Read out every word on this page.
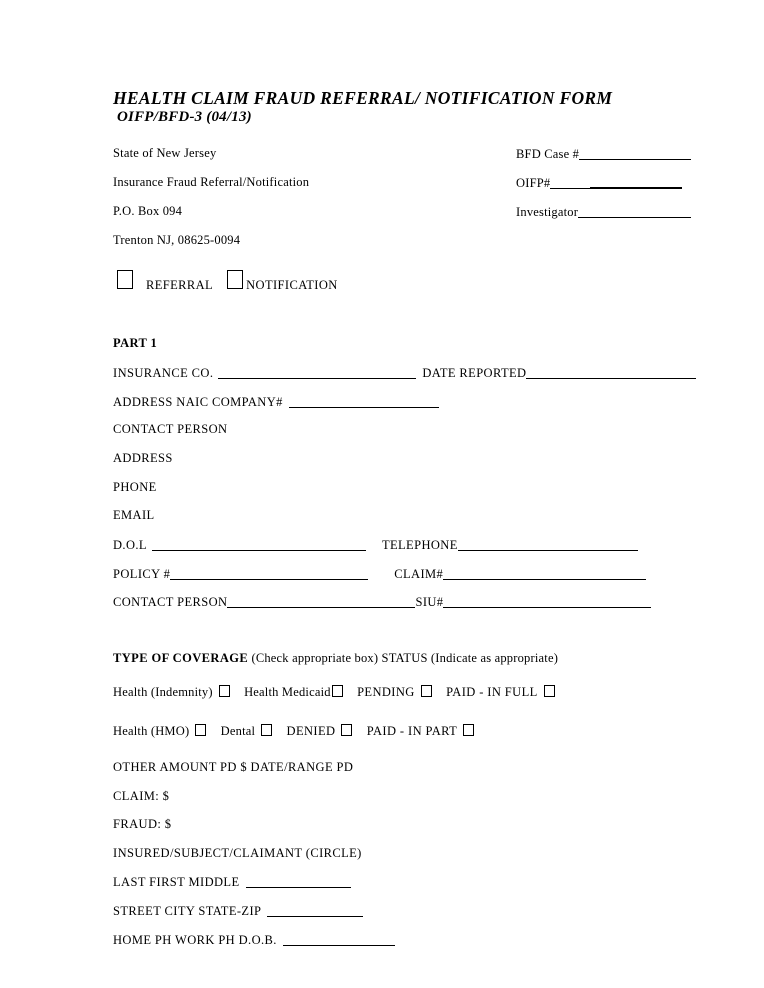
HEALTH CLAIM FRAUD REFERRAL/ NOTIFICATION FORM
OIFP/BFD-3 (04/13)
State of New Jersey
Insurance Fraud Referral/Notification
P.O. Box 094
Trenton NJ, 08625-0094
BFD Case #
OIFP#
Investigator
REFERRAL	NOTIFICATION
PART 1
INSURANCE CO.	DATE REPORTED
ADDRESS NAIC COMPANY#
CONTACT PERSON
ADDRESS
PHONE
EMAIL
D.O.L	TELEPHONE
POLICY #	CLAIM#
CONTACT PERSON	SIU#
TYPE OF COVERAGE (Check appropriate box) STATUS (Indicate as appropriate)
Health (Indemnity)	Health Medicaid PENDING	PAID - IN FULL
Health (HMO)	Dental	DENIED	PAID - IN PART
OTHER AMOUNT PD $ DATE/RANGE PD
CLAIM: $
FRAUD: $
INSURED/SUBJECT/CLAIMANT (CIRCLE)
LAST FIRST MIDDLE
STREET CITY STATE-ZIP
HOME PH WORK PH D.O.B.
